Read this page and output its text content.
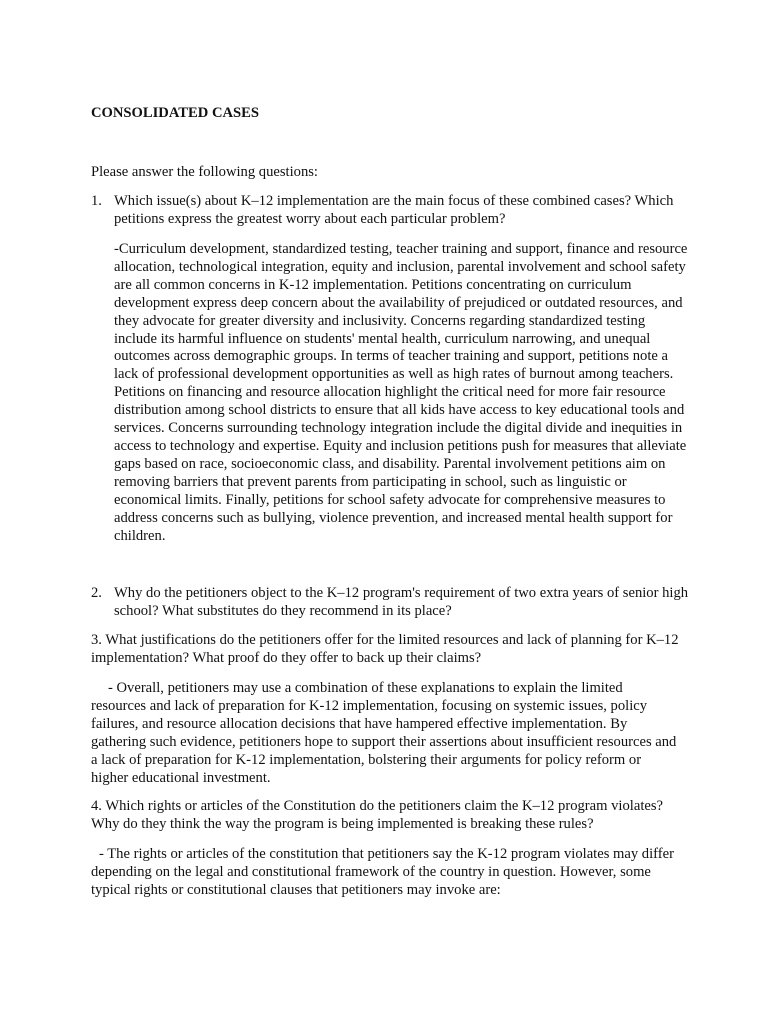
CONSOLIDATED CASES

Please answer the following questions:

1. Which issue(s) about K–12 implementation are the main focus of these combined cases? Which petitions express the greatest worry about each particular problem?

-Curriculum development, standardized testing, teacher training and support, finance and resource allocation, technological integration, equity and inclusion, parental involvement and school safety are all common concerns in K-12 implementation. Petitions concentrating on curriculum development express deep concern about the availability of prejudiced or outdated resources, and they advocate for greater diversity and inclusivity. Concerns regarding standardized testing include its harmful influence on students' mental health, curriculum narrowing, and unequal outcomes across demographic groups. In terms of teacher training and support, petitions note a lack of professional development opportunities as well as high rates of burnout among teachers. Petitions on financing and resource allocation highlight the critical need for more fair resource distribution among school districts to ensure that all kids have access to key educational tools and services. Concerns surrounding technology integration include the digital divide and inequities in access to technology and expertise. Equity and inclusion petitions push for measures that alleviate gaps based on race, socioeconomic class, and disability. Parental involvement petitions aim on removing barriers that prevent parents from participating in school, such as linguistic or economical limits. Finally, petitions for school safety advocate for comprehensive measures to address concerns such as bullying, violence prevention, and increased mental health support for children.

2. Why do the petitioners object to the K–12 program's requirement of two extra years of senior high school? What substitutes do they recommend in its place?

3. What justifications do the petitioners offer for the limited resources and lack of planning for K–12 implementation? What proof do they offer to back up their claims?

- Overall, petitioners may use a combination of these explanations to explain the limited resources and lack of preparation for K-12 implementation, focusing on systemic issues, policy failures, and resource allocation decisions that have hampered effective implementation. By gathering such evidence, petitioners hope to support their assertions about insufficient resources and a lack of preparation for K-12 implementation, bolstering their arguments for policy reform or higher educational investment.

4. Which rights or articles of the Constitution do the petitioners claim the K–12 program violates? Why do they think the way the program is being implemented is breaking these rules?

- The rights or articles of the constitution that petitioners say the K-12 program violates may differ depending on the legal and constitutional framework of the country in question. However, some typical rights or constitutional clauses that petitioners may invoke are:
